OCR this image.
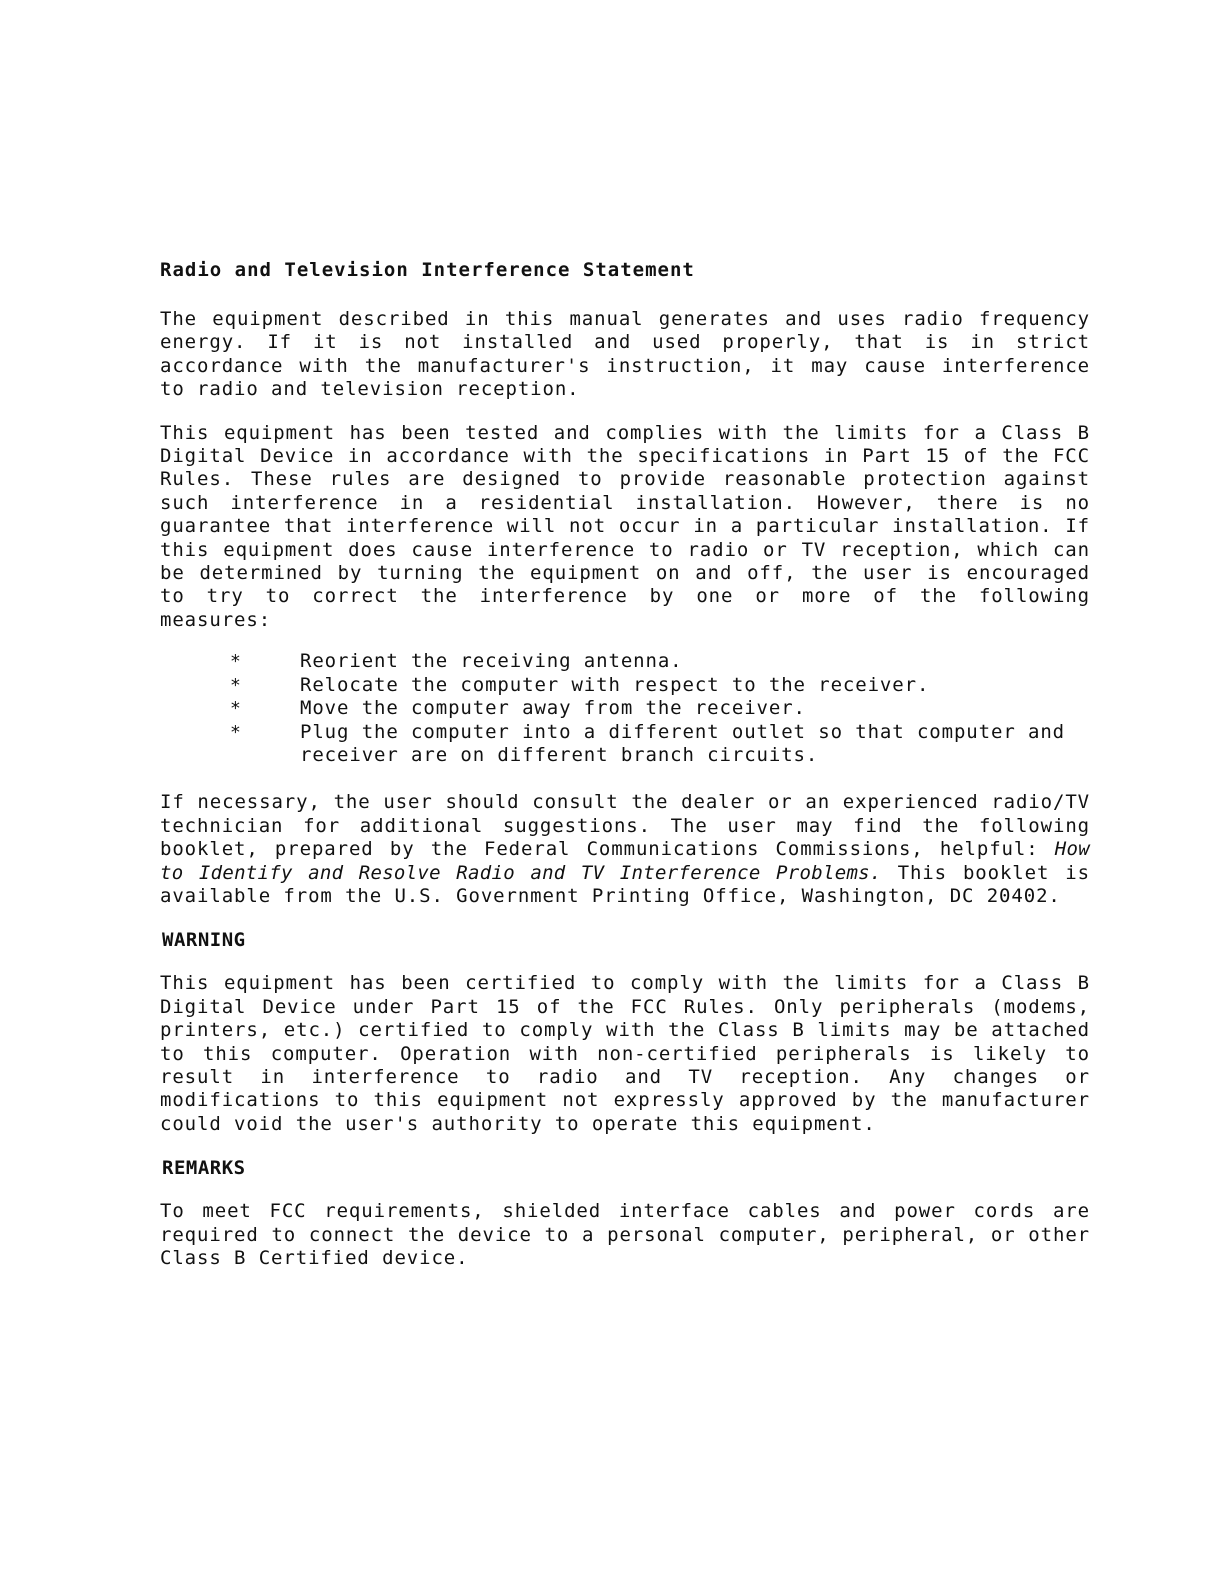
Radio and Television Interference Statement

The equipment described in this manual generates and uses radio frequency energy. If it is not installed and used properly, that is in strict accordance with the manufacturer's instruction, it may cause interference to radio and television reception.

This equipment has been tested and complies with the limits for a Class B Digital Device in accordance with the specifications in Part 15 of the FCC Rules. These rules are designed to provide reasonable protection against such interference in a residential installation. However, there is no guarantee that interference will not occur in a particular installation. If this equipment does cause interference to radio or TV reception, which can be determined by turning the equipment on and off, the user is encouraged to try to correct the interference by one or more of the following measures:

*	Reorient the receiving antenna.
*	Relocate the computer with respect to the receiver.
*	Move the computer away from the receiver.
*	Plug the computer into a different outlet so that computer and receiver are on different branch circuits.

If necessary, the user should consult the dealer or an experienced radio/TV technician for additional suggestions. The user may find the following booklet, prepared by the Federal Communications Commissions, helpful: How to Identify and Resolve Radio and TV Interference Problems. This booklet is available from the U.S. Government Printing Office, Washington, DC 20402.

WARNING

This equipment has been certified to comply with the limits for a Class B Digital Device under Part 15 of the FCC Rules. Only peripherals (modems, printers, etc.) certified to comply with the Class B limits may be attached to this computer. Operation with non-certified peripherals is likely to result in interference to radio and TV reception. Any changes or modifications to this equipment not expressly approved by the manufacturer could void the user's authority to operate this equipment.

REMARKS

To meet FCC requirements, shielded interface cables and power cords are required to connect the device to a personal computer, peripheral, or other Class B Certified device.
